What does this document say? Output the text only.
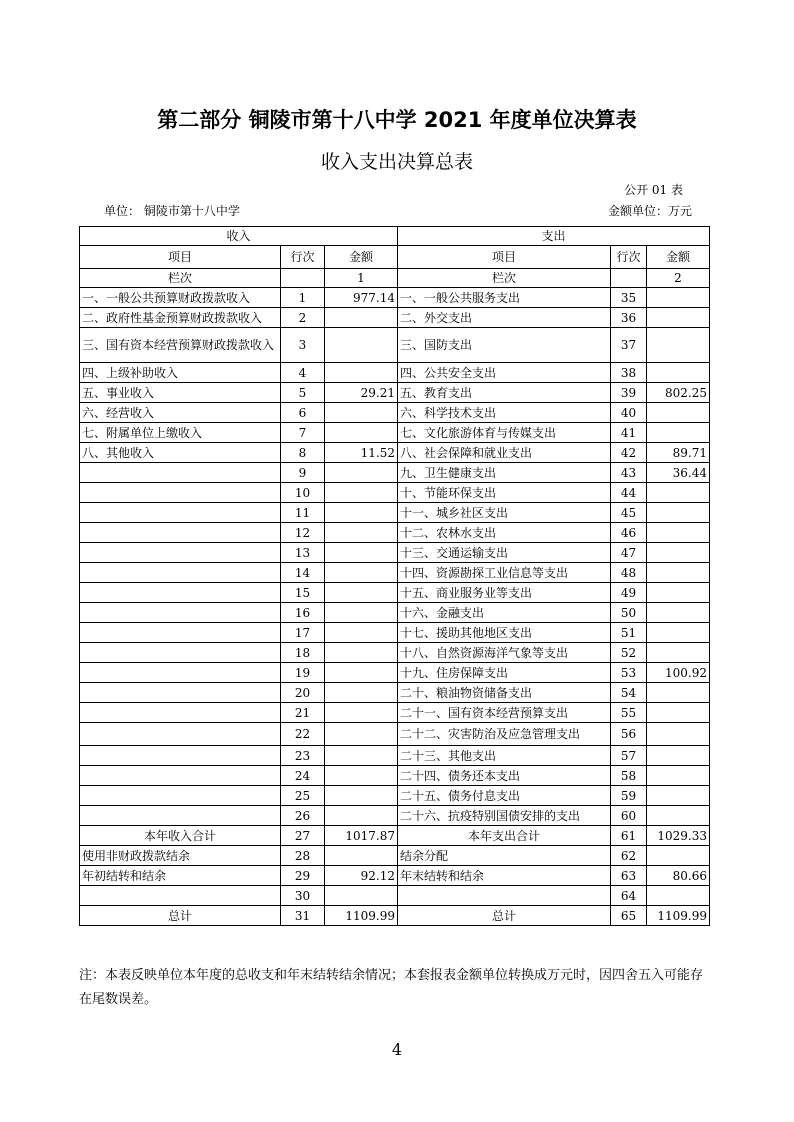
第二部分 铜陵市第十八中学 2021 年度单位决算表
收入支出决算总表
公开 01 表
单位： 铜陵市第十八中学	金额单位：万元
收入			支出		
项目	行次	金额	项目	行次	金额
栏次		1	栏次		2
一、一般公共预算财政拨款收入	1	977.14	一、一般公共服务支出	35	
二、政府性基金预算财政拨款收入	2		二、外交支出	36	
三、国有资本经营预算财政拨款收入	3		三、国防支出	37	
四、上级补助收入	4		四、公共安全支出	38	
五、事业收入	5	29.21	五、教育支出	39	802.25
六、经营收入	6		六、科学技术支出	40	
七、附属单位上缴收入	7		七、文化旅游体育与传媒支出	41	
八、其他收入	8	11.52	八、社会保障和就业支出	42	89.71
	9		九、卫生健康支出	43	36.44
	10		十、节能环保支出	44	
	11		十一、城乡社区支出	45	
	12		十二、农林水支出	46	
	13		十三、交通运输支出	47	
	14		十四、资源勘探工业信息等支出	48	
	15		十五、商业服务业等支出	49	
	16		十六、金融支出	50	
	17		十七、援助其他地区支出	51	
	18		十八、自然资源海洋气象等支出	52	
	19		十九、住房保障支出	53	100.92
	20		二十、粮油物资储备支出	54	
	21		二十一、国有资本经营预算支出	55	
	22		二十二、灾害防治及应急管理支出	56	
	23		二十三、其他支出	57	
	24		二十四、债务还本支出	58	
	25		二十五、债务付息支出	59	
	26		二十六、抗疫特别国债安排的支出	60	
本年收入合计	27	1017.87	本年支出合计	61	1029.33
使用非财政拨款结余	28		结余分配	62	
年初结转和结余	29	92.12	年末结转和结余	63	80.66
	30			64	
总计	31	1109.99	总计	65	1109.99
注：本表反映单位本年度的总收支和年末结转结余情况；本套报表金额单位转换成万元时，因四舍五入可能存在尾数误差。
4
